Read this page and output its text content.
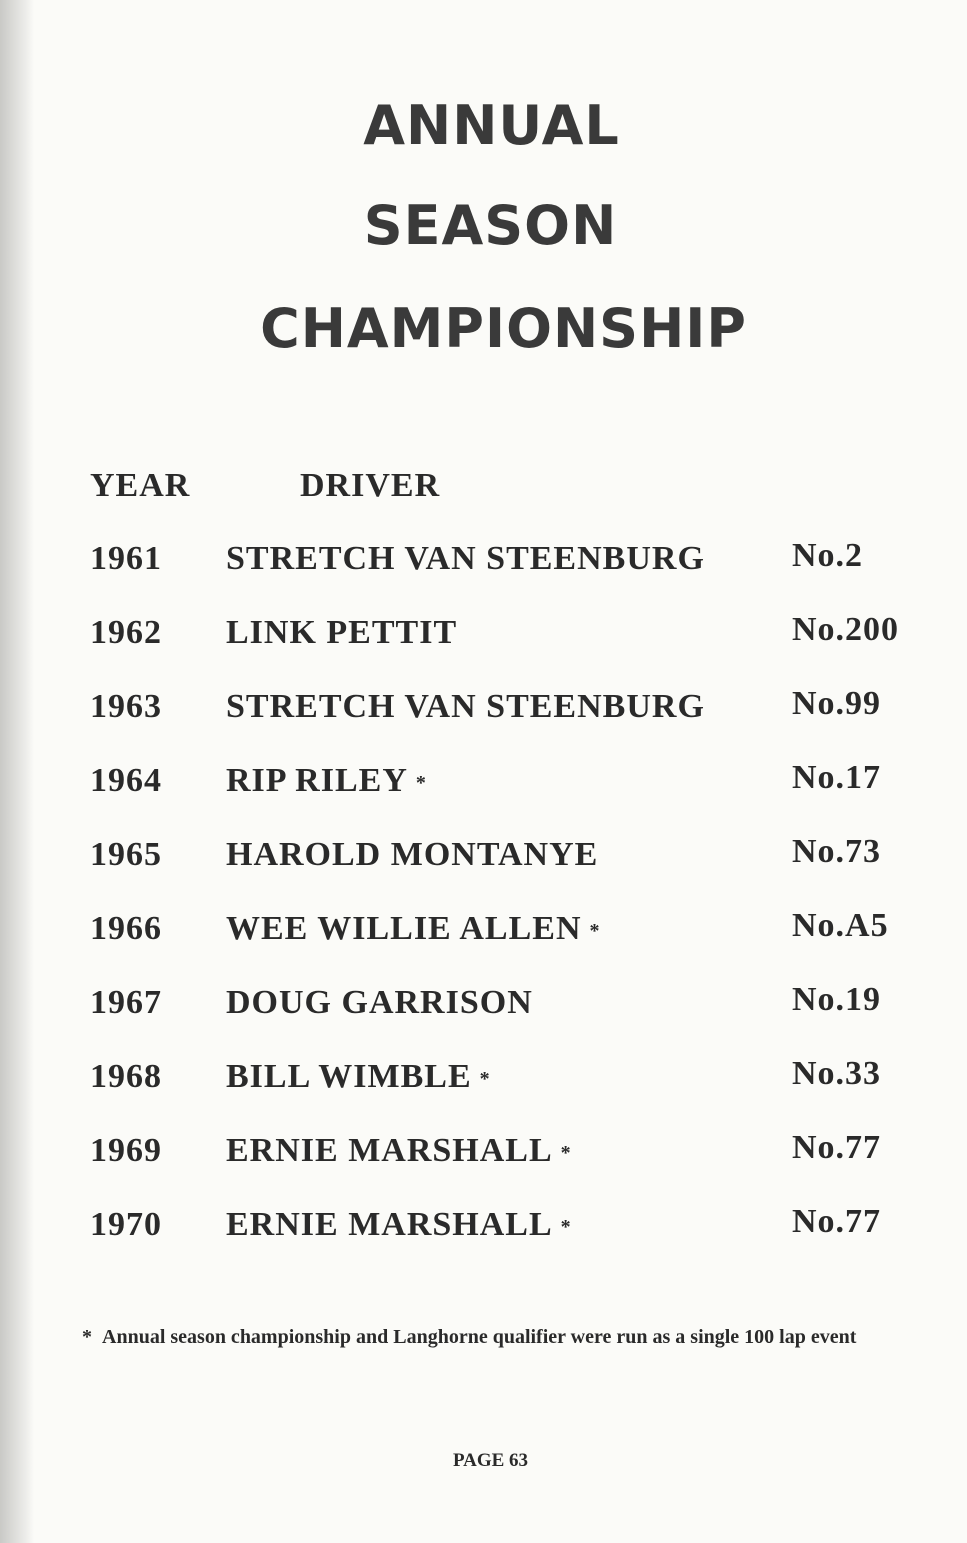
ANNUAL
SEASON
CHAMPIONSHIP
YEAR	DRIVER
1961 STRETCH VAN STEENBURG	No.2
1962 LINK PETTIT	No.200
1963 STRETCH VAN STEENBURG	No.99
1964 RIP RILEY *	No.17
1965 HAROLD MONTANYE	No.73
1966 WEE WILLIE ALLEN *	No.A5
1967 DOUG GARRISON	No.19
1968 BILL WIMBLE *	No.33
1969 ERNIE MARSHALL *	No.77
1970 ERNIE MARSHALL *	No.77
* Annual season championship and Langhorne qualifier were run as a single 100 lap event
PAGE 63
